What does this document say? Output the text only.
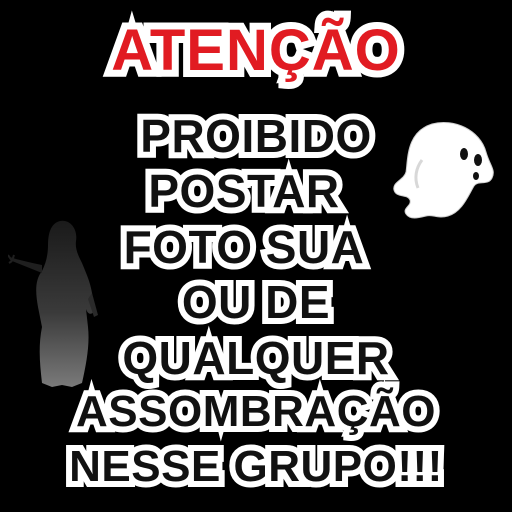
ATENÇÃO
PROIBIDO
POSTAR
FOTO SUA
OU DE
QUALQUER
ASSOMBRAÇÃO
NESSE GRUPO!!!
